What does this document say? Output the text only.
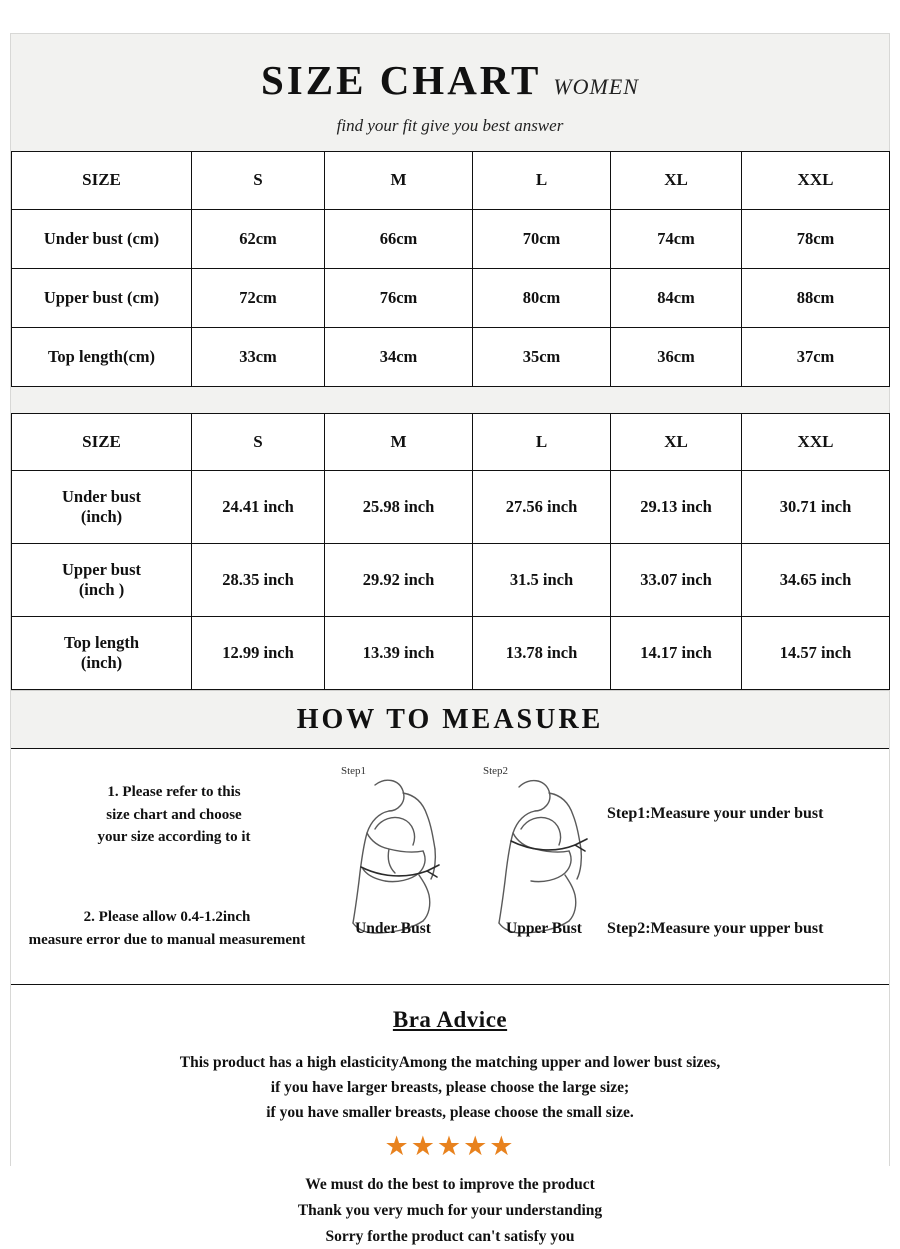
SIZE CHART WOMEN
find your fit give you best answer
SIZE	S	M	L	XL	XXL
Under bust (cm)	62cm	66cm	70cm	74cm	78cm
Upper bust (cm)	72cm	76cm	80cm	84cm	88cm
Top length(cm)	33cm	34cm	35cm	36cm	37cm
SIZE	S	M	L	XL	XXL

Under bust
(inch)	24.41 inch	25.98 inch	27.56 inch	29.13 inch	30.71 inch

Upper bust
(inch )	28.35 inch	29.92 inch	31.5 inch	33.07 inch	34.65 inch

Top length
(inch)	12.99 inch	13.39 inch	13.78 inch	14.17 inch	14.57 inch
HOW TO MEASURE
1. Please refer to this
size chart and choose
your size according to it
2. Please allow 0.4-1.2inch
measure error due to manual measurement
Step1
Under Bust
Step2
Upper Bust
Step1:Measure your under bust
Step2:Measure your upper bust
Bra Advice
This product has a high elasticityAmong the matching upper and lower bust sizes,
if you have larger breasts, please choose the large size;
if you have smaller breasts, please choose the small size.
★★★★★
We must do the best to improve the product
Thank you very much for your understanding
Sorry forthe product can't satisfy you
